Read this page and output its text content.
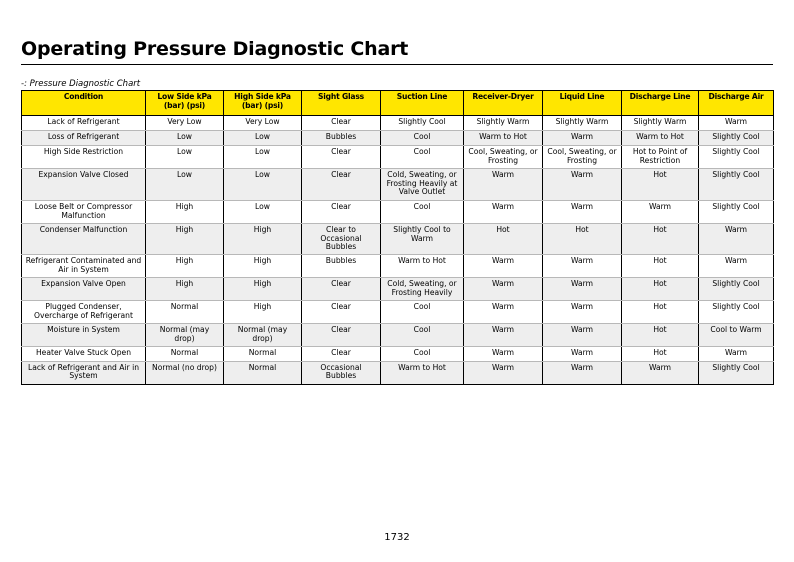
Operating Pressure Diagnostic Chart
-: Pressure Diagnostic Chart
Condition	Low Side kPa (bar) (psi)	High Side kPa (bar) (psi)	Sight Glass	Suction Line	Receiver-Dryer	Liquid Line	Discharge Line	Discharge Air
Lack of Refrigerant	Very Low	Very Low	Clear	Slightly Cool	Slightly Warm	Slightly Warm	Slightly Warm	Warm
Loss of Refrigerant	Low	Low	Bubbles	Cool	Warm to Hot	Warm	Warm to Hot	Slightly Cool
High Side Restriction	Low	Low	Clear	Cool	Cool, Sweating, or Frosting	Cool, Sweating, or Frosting	Hot to Point of Restriction	Slightly Cool
Expansion Valve Closed	Low	Low	Clear	Cold, Sweating, or Frosting Heavily at Valve Outlet	Warm	Warm	Hot	Slightly Cool
Loose Belt or Compressor Malfunction	High	Low	Clear	Cool	Warm	Warm	Warm	Slightly Cool
Condenser Malfunction	High	High	Clear to Occasional Bubbles	Slightly Cool to Warm	Hot	Hot	Hot	Warm
Refrigerant Contaminated and Air in System	High	High	Bubbles	Warm to Hot	Warm	Warm	Hot	Warm
Expansion Valve Open	High	High	Clear	Cold, Sweating, or Frosting Heavily	Warm	Warm	Hot	Slightly Cool
Plugged Condenser, Overcharge of Refrigerant	Normal	High	Clear	Cool	Warm	Warm	Hot	Slightly Cool
Moisture in System	Normal (may drop)	Normal (may drop)	Clear	Cool	Warm	Warm	Hot	Cool to Warm
Heater Valve Stuck Open	Normal	Normal	Clear	Cool	Warm	Warm	Hot	Warm
Lack of Refrigerant and Air in System	Normal (no drop)	Normal	Occasional Bubbles	Warm to Hot	Warm	Warm	Warm	Slightly Cool
1732
